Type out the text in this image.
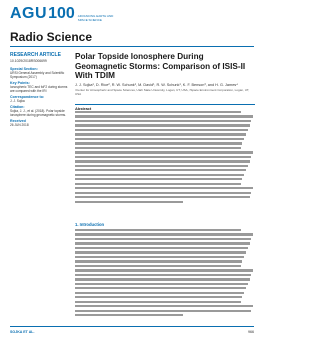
AGU 100 ADVANCING EARTH AND SPACE SCIENCE
Radio Science
RESEARCH ARTICLE
10.1029/2018RS006699
Special Section:
URSI General Assembly and Scientific Symposium (2017)
Key Points:
Ionospheric TEC and foF2 during storms are compared with the IRI
Correspondence to:
J. J. Sojka
Citation:
Sojka, J. J., et al. (2018). Polar topside ionosphere during geomagnetic storms.
Received
26 JUN 2018
Polar Topside Ionosphere During Geomagnetic Storms: Comparison of ISIS-II With TDIM
J. J. Sojka¹, D. Rice², R. W. Schunk¹, M. David¹, R. W. Schunk¹, K. F. Benson³, and H. G. James⁴
¹Center for Atmospheric and Space Sciences, Utah State University, Logan, UT, USA, ²Space Environment Corporation, Logan, UT, USA
Abstract
1. Introduction
SOJKA ET AL.	966
